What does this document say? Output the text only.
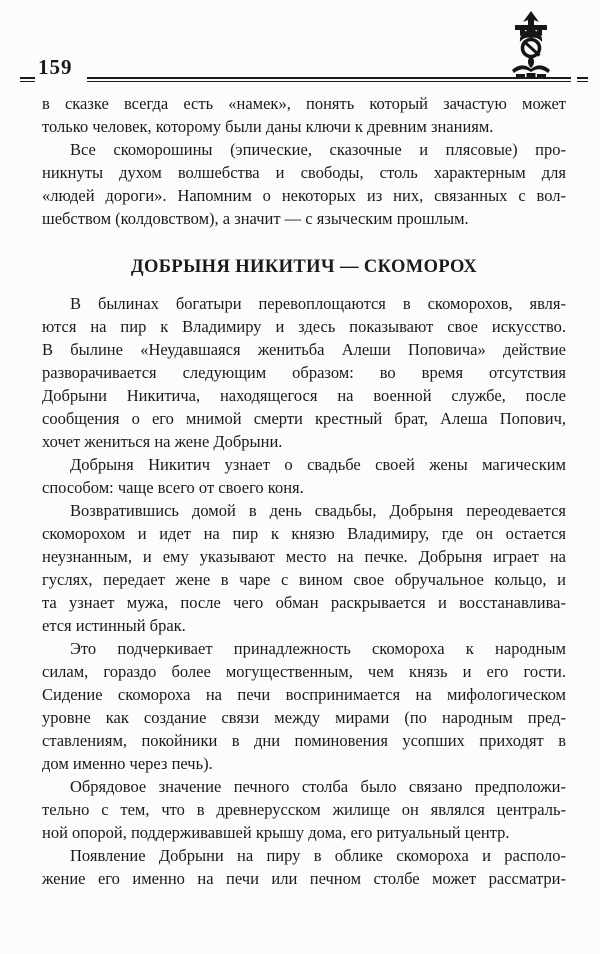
159
в сказке всегда есть «намек», понять который зачастую может
только человек, которому были даны ключи к древним знаниям.
Все скоморошины (эпические, сказочные и плясовые) про-
никнуты духом волшебства и свободы, столь характерным для
«людей дороги». Напомним о некоторых из них, связанных с вол-
шебством (колдовством), а значит — с языческим прошлым.
ДОБРЫНЯ НИКИТИЧ — СКОМОРОХ
В былинах богатыри перевоплощаются в скоморохов, явля-
ются на пир к Владимиру и здесь показывают свое искусство.
В былине «Неудавшаяся женитьба Алеши Поповича» действие
разворачивается следующим образом: во время отсутствия
Добрыни Никитича, находящегося на военной службе, после
сообщения о его мнимой смерти крестный брат, Алеша Попович,
хочет жениться на жене Добрыни.
Добрыня Никитич узнает о свадьбе своей жены магическим
способом: чаще всего от своего коня.
Возвратившись домой в день свадьбы, Добрыня переодевается
скоморохом и идет на пир к князю Владимиру, где он остается
неузнанным, и ему указывают место на печке. Добрыня играет на
гуслях, передает жене в чаре с вином свое обручальное кольцо, и
та узнает мужа, после чего обман раскрывается и восстанавлива-
ется истинный брак.
Это подчеркивает принадлежность скомороха к народным
силам, гораздо более могущественным, чем князь и его гости.
Сидение скомороха на печи воспринимается на мифологическом
уровне как создание связи между мирами (по народным пред-
ставлениям, покойники в дни поминовения усопших приходят в
дом именно через печь).
Обрядовое значение печного столба было связано предположи-
тельно с тем, что в древнерусском жилище он являлся централь-
ной опорой, поддерживавшей крышу дома, его ритуальный центр.
Появление Добрыни на пиру в облике скомороха и располо-
жение его именно на печи или печном столбе может рассматри-
